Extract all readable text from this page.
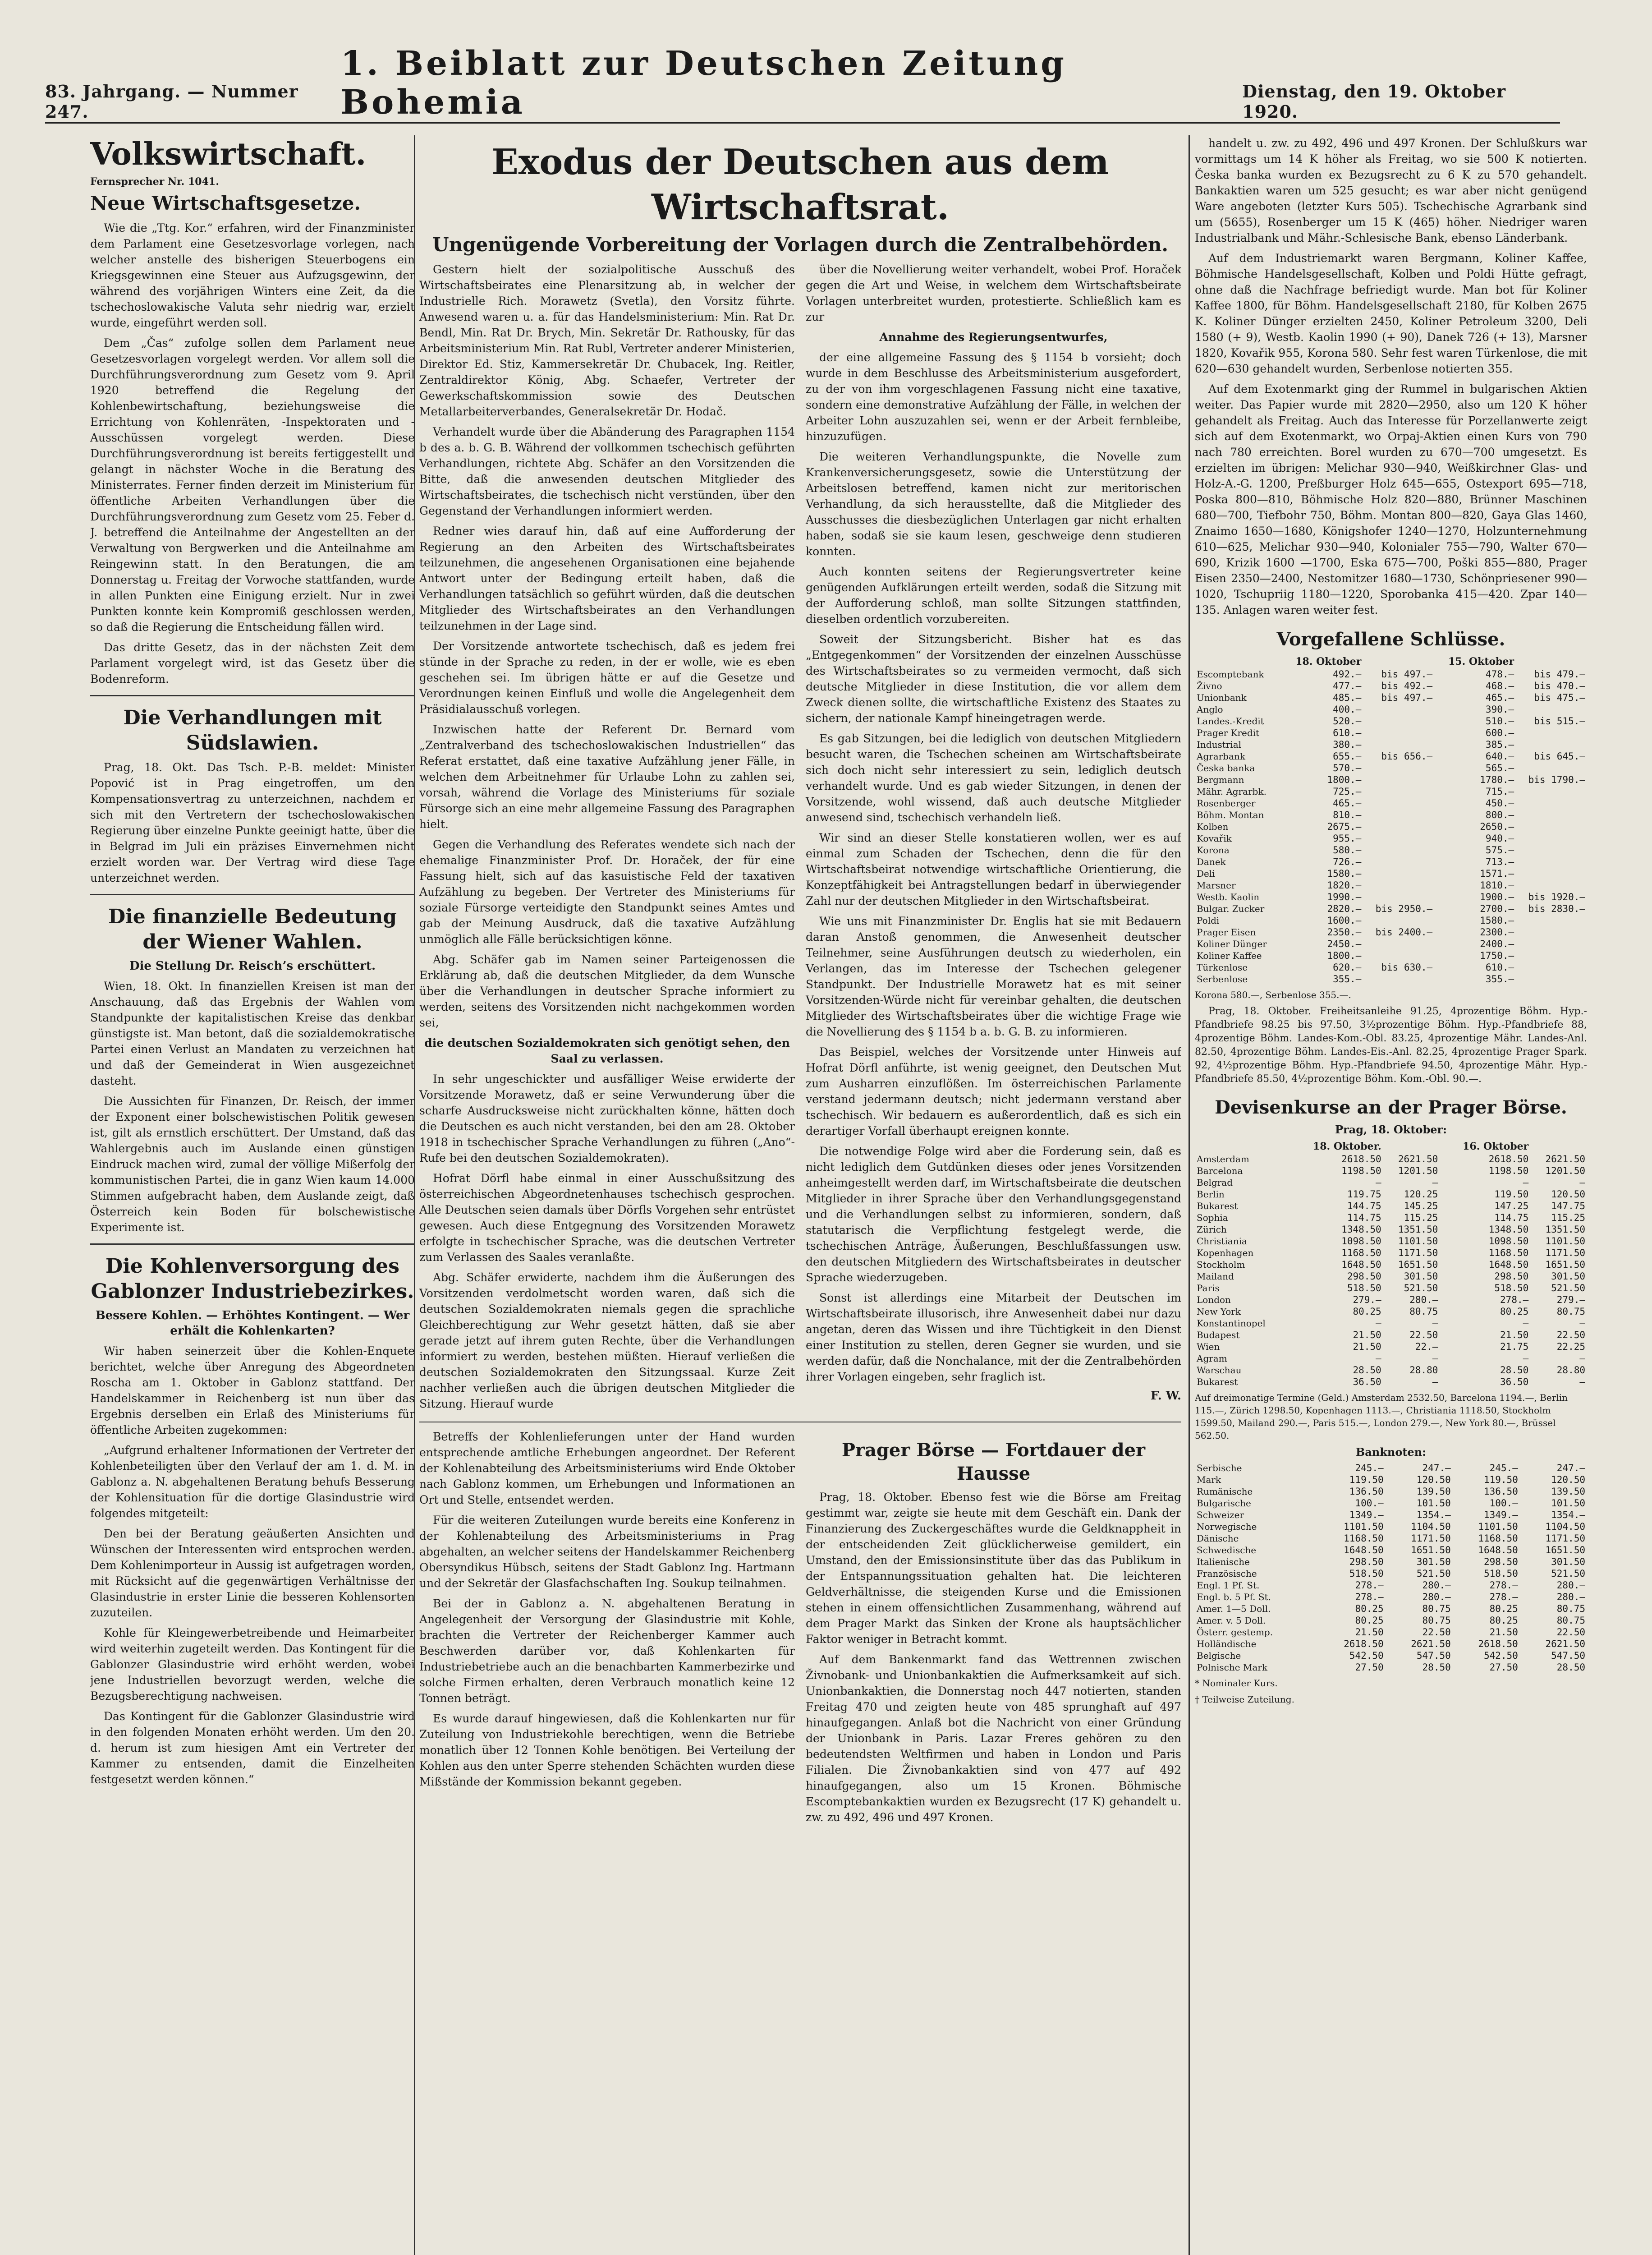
83. Jahrgang. — Nummer 247.
1. Beiblatt zur Deutschen Zeitung Bohemia	Dienstag, den 19. Oktober 1920.
Volkswirtschaft.
Fernsprecher Nr. 1041.
Neue Wirtschaftsgesetze.

Wie die „Ttg. Kor.“ erfahren, wird der Finanzminister dem Parlament eine Gesetzesvorlage vorlegen, nach welcher anstelle des bisherigen Steuerbogens ein Kriegsgewinnen eine Steuer aus Aufzugsgewinn, der während des vorjährigen Winters eine Zeit, da die tschechoslowakische Valuta sehr niedrig war, erzielt wurde, eingeführt werden soll.

Dem „Čas“ zufolge sollen dem Parlament neue Gesetzesvorlagen vorgelegt werden. Vor allem soll die Durchführungsverordnung zum Gesetz vom 9. April 1920 betreffend die Regelung der Kohlenbewirtschaftung, beziehungsweise die Errichtung von Kohlenräten, -Inspektoraten und -Ausschüssen vorgelegt werden. Diese Durchführungsverordnung ist bereits fertiggestellt und gelangt in nächster Woche in die Beratung des Ministerrates. Ferner finden derzeit im Ministerium für öffentliche Arbeiten Verhandlungen über die Durchführungsverordnung zum Gesetz vom 25. Feber d. J. betreffend die Anteilnahme der Angestellten an der Verwaltung von Bergwerken und die Anteilnahme am Reingewinn statt. In den Beratungen, die am Donnerstag u. Freitag der Vorwoche stattfanden, wurde in allen Punkten eine Einigung erzielt. Nur in zwei Punkten konnte kein Kompromiß geschlossen werden, so daß die Regierung die Entscheidung fällen wird.

Das dritte Gesetz, das in der nächsten Zeit dem Parlament vorgelegt wird, ist das Gesetz über die Bodenreform.

Die Verhandlungen mit Südslawien.

Prag, 18. Okt. Das Tsch. P.-B. meldet: Minister Popović ist in Prag eingetroffen, um den Kompensationsvertrag zu unterzeichnen, nachdem er sich mit den Vertretern der tschechoslowakischen Regierung über einzelne Punkte geeinigt hatte, über die in Belgrad im Juli ein präzises Einvernehmen nicht erzielt worden war. Der Vertrag wird diese Tage unterzeichnet werden.

Die finanzielle Bedeutung der Wiener Wahlen.
Die Stellung Dr. Reisch’s erschüttert.

Wien, 18. Okt. In finanziellen Kreisen ist man der Anschauung, daß das Ergebnis der Wahlen vom Standpunkte der kapitalistischen Kreise das denkbar günstigste ist. Man betont, daß die sozialdemokratische Partei einen Verlust an Mandaten zu verzeichnen hat und daß der Gemeinderat in Wien ausgezeichnet dasteht.

Die Aussichten für Finanzen, Dr. Reisch, der immer der Exponent einer bolschewistischen Politik gewesen ist, gilt als ernstlich erschüttert. Der Umstand, daß das Wahlergebnis auch im Auslande einen günstigen Eindruck machen wird, zumal der völlige Mißerfolg der kommunistischen Partei, die in ganz Wien kaum 14.000 Stimmen aufgebracht haben, dem Auslande zeigt, daß Österreich kein Boden für bolschewistische Experimente ist.

Die Kohlenversorgung des Gablonzer Industriebezirkes.
Bessere Kohlen. — Erhöhtes Kontingent. — Wer erhält die Kohlenkarten?

Wir haben seinerzeit über die Kohlen-Enquete berichtet, welche über Anregung des Abgeordneten Roscha am 1. Oktober in Gablonz stattfand. Der Handelskammer in Reichenberg ist nun über das Ergebnis derselben ein Erlaß des Ministeriums für öffentliche Arbeiten zugekommen:

„Aufgrund erhaltener Informationen der Vertreter der Kohlenbeteiligten über den Verlauf der am 1. d. M. in Gablonz a. N. abgehaltenen Beratung behufs Besserung der Kohlensituation für die dortige Glasindustrie wird folgendes mitgeteilt:

Den bei der Beratung geäußerten Ansichten und Wünschen der Interessenten wird entsprochen werden. Dem Kohlenimporteur in Aussig ist aufgetragen worden, mit Rücksicht auf die gegenwärtigen Verhältnisse der Glasindustrie in erster Linie die besseren Kohlensorten zuzuteilen.

Kohle für Kleingewerbetreibende und Heimarbeiter wird weiterhin zugeteilt werden. Das Kontingent für die Gablonzer Glasindustrie wird erhöht werden, wobei jene Industriellen bevorzugt werden, welche die Bezugsberechtigung nachweisen.

Das Kontingent für die Gablonzer Glasindustrie wird in den folgenden Monaten erhöht werden. Um den 20. d. herum ist zum hiesigen Amt ein Vertreter der Kammer zu entsenden, damit die Einzelheiten festgesetzt werden können.“

Exodus der Deutschen aus dem Wirtschaftsrat.
Ungenügende Vorbereitung der Vorlagen durch die Zentralbehörden.

Gestern hielt der sozialpolitische Ausschuß des Wirtschaftsbeirates eine Plenarsitzung ab, in welcher der Industrielle Rich. Morawetz (Svetla), den Vorsitz führte. Anwesend waren u. a. für das Handelsministerium: Min. Rat Dr. Bendl, Min. Rat Dr. Brych, Min. Sekretär Dr. Rathousky, für das Arbeitsministerium Min. Rat Rubl, Vertreter anderer Ministerien, Direktor Ed. Stiz, Kammersekretär Dr. Chubacek, Ing. Reitler, Zentraldirektor König, Abg. Schaefer, Vertreter der Gewerkschaftskommission sowie des Deutschen Metallarbeiterverbandes, Generalsekretär Dr. Hodač.

Verhandelt wurde über die Abänderung des Paragraphen 1154 b des a. b. G. B. Während der vollkommen tschechisch geführten Verhandlungen, richtete Abg. Schäfer an den Vorsitzenden die Bitte, daß die anwesenden deutschen Mitglieder des Wirtschaftsbeirates, die tschechisch nicht verstünden, über den Gegenstand der Verhandlungen informiert werden.

Redner wies darauf hin, daß auf eine Aufforderung der Regierung an den Arbeiten des Wirtschaftsbeirates teilzunehmen, die angesehenen Organisationen eine bejahende Antwort unter der Bedingung erteilt haben, daß die Verhandlungen tatsächlich so geführt würden, daß die deutschen Mitglieder des Wirtschaftsbeirates an den Verhandlungen teilzunehmen in der Lage sind.

Der Vorsitzende antwortete tschechisch, daß es jedem frei stünde in der Sprache zu reden, in der er wolle, wie es eben geschehen sei. Im übrigen hätte er auf die Gesetze und Verordnungen keinen Einfluß und wolle die Angelegenheit dem Präsidialausschuß vorlegen.

Inzwischen hatte der Referent Dr. Bernard vom „Zentralverband des tschechoslowakischen Industriellen“ das Referat erstattet, daß eine taxative Aufzählung jener Fälle, in welchen dem Arbeitnehmer für Urlaube Lohn zu zahlen sei, vorsah, während die Vorlage des Ministeriums für soziale Fürsorge sich an eine mehr allgemeine Fassung des Paragraphen hielt.

Gegen die Verhandlung des Referates wendete sich nach der ehemalige Finanzminister Prof. Dr. Horaček, der für eine Fassung hielt, sich auf das kasuistische Feld der taxativen Aufzählung zu begeben. Der Vertreter des Ministeriums für soziale Fürsorge verteidigte den Standpunkt seines Amtes und gab der Meinung Ausdruck, daß die taxative Aufzählung unmöglich alle Fälle berücksichtigen könne.

Abg. Schäfer gab im Namen seiner Parteigenossen die Erklärung ab, daß die deutschen Mitglieder, da dem Wunsche über die Verhandlungen in deutscher Sprache informiert zu werden, seitens des Vorsitzenden nicht nachgekommen worden sei,

die deutschen Sozialdemokraten sich genötigt sehen, den Saal zu verlassen.

In sehr ungeschickter und ausfälliger Weise erwiderte der Vorsitzende Morawetz, daß er seine Verwunderung über die scharfe Ausdrucksweise nicht zurückhalten könne, hätten doch die Deutschen es auch nicht verstanden, bei den am 28. Oktober 1918 in tschechischer Sprache Verhandlungen zu führen („Ano“-Rufe bei den deutschen Sozialdemokraten).

Hofrat Dörfl habe einmal in einer Ausschußsitzung des österreichischen Abgeordnetenhauses tschechisch gesprochen. Alle Deutschen seien damals über Dörfls Vorgehen sehr entrüstet gewesen. Auch diese Entgegnung des Vorsitzenden Morawetz erfolgte in tschechischer Sprache, was die deutschen Vertreter zum Verlassen des Saales veranlaßte.

Abg. Schäfer erwiderte, nachdem ihm die Äußerungen des Vorsitzenden verdolmetscht worden waren, daß sich die deutschen Sozialdemokraten niemals gegen die sprachliche Gleichberechtigung zur Wehr gesetzt hätten, daß sie aber gerade jetzt auf ihrem guten Rechte, über die Verhandlungen informiert zu werden, bestehen müßten. Hierauf verließen die deutschen Sozialdemokraten den Sitzungssaal. Kurze Zeit nachher verließen auch die übrigen deutschen Mitglieder die Sitzung. Hierauf wurde

über die Novellierung weiter verhandelt, wobei Prof. Horaček gegen die Art und Weise, in welchem dem Wirtschaftsbeirate Vorlagen unterbreitet wurden, protestierte. Schließlich kam es zur

Annahme des Regierungsentwurfes,

der eine allgemeine Fassung des § 1154 b vorsieht; doch wurde in dem Beschlusse des Arbeitsministerium ausgefordert, zu der von ihm vorgeschlagenen Fassung nicht eine taxative, sondern eine demonstrative Aufzählung der Fälle, in welchen der Arbeiter Lohn auszuzahlen sei, wenn er der Arbeit fernbleibe, hinzuzufügen.

Die weiteren Verhandlungspunkte, die Novelle zum Krankenversicherungsgesetz, sowie die Unterstützung der Arbeitslosen betreffend, kamen nicht zur meritorischen Verhandlung, da sich herausstellte, daß die Mitglieder des Ausschusses die diesbezüglichen Unterlagen gar nicht erhalten haben, sodaß sie sie kaum lesen, geschweige denn studieren konnten.

Auch konnten seitens der Regierungsvertreter keine genügenden Aufklärungen erteilt werden, sodaß die Sitzung mit der Aufforderung schloß, man sollte Sitzungen stattfinden, dieselben ordentlich vorzubereiten.

Soweit der Sitzungsbericht. Bisher hat es das „Entgegenkommen“ der Vorsitzenden der einzelnen Ausschüsse des Wirtschaftsbeirates so zu vermeiden vermocht, daß sich deutsche Mitglieder in diese Institution, die vor allem dem Zweck dienen sollte, die wirtschaftliche Existenz des Staates zu sichern, der nationale Kampf hineingetragen werde.

Es gab Sitzungen, bei die lediglich von deutschen Mitgliedern besucht waren, die Tschechen scheinen am Wirtschaftsbeirate sich doch nicht sehr interessiert zu sein, lediglich deutsch verhandelt wurde. Und es gab wieder Sitzungen, in denen der Vorsitzende, wohl wissend, daß auch deutsche Mitglieder anwesend sind, tschechisch verhandeln ließ.

Wir sind an dieser Stelle konstatieren wollen, wer es auf einmal zum Schaden der Tschechen, denn die für den Wirtschaftsbeirat notwendige wirtschaftliche Orientierung, die Konzeptfähigkeit bei Antragstellungen bedarf in überwiegender Zahl nur der deutschen Mitglieder in den Wirtschaftsbeirat.

Wie uns mit Finanzminister Dr. Englis hat sie mit Bedauern daran Anstoß genommen, die Anwesenheit deutscher Teilnehmer, seine Ausführungen deutsch zu wiederholen, ein Verlangen, das im Interesse der Tschechen gelegener Standpunkt. Der Industrielle Morawetz hat es mit seiner Vorsitzenden-Würde nicht für vereinbar gehalten, die deutschen Mitglieder des Wirtschaftsbeirates über die wichtige Frage wie die Novellierung des § 1154 b a. b. G. B. zu informieren.

Das Beispiel, welches der Vorsitzende unter Hinweis auf Hofrat Dörfl anführte, ist wenig geeignet, den Deutschen Mut zum Ausharren einzuflößen. Im österreichischen Parlamente verstand jedermann deutsch; nicht jedermann verstand aber tschechisch. Wir bedauern es außerordentlich, daß es sich ein derartiger Vorfall überhaupt ereignen konnte.

Die notwendige Folge wird aber die Forderung sein, daß es nicht lediglich dem Gutdünken dieses oder jenes Vorsitzenden anheimgestellt werden darf, im Wirtschaftsbeirate die deutschen Mitglieder in ihrer Sprache über den Verhandlungsgegenstand und die Verhandlungen selbst zu informieren, sondern, daß statutarisch die Verpflichtung festgelegt werde, die tschechischen Anträge, Äußerungen, Beschlußfassungen usw. den deutschen Mitgliedern des Wirtschaftsbeirates in deutscher Sprache wiederzugeben.

Sonst ist allerdings eine Mitarbeit der Deutschen im Wirtschaftsbeirate illusorisch, ihre Anwesenheit dabei nur dazu angetan, deren das Wissen und ihre Tüchtigkeit in den Dienst einer Institution zu stellen, deren Gegner sie wurden, und sie werden dafür, daß die Nonchalance, mit der die Zentralbehörden ihrer Vorlagen eingeben, sehr fraglich ist.

F. W.

Betreffs der Kohlenlieferungen unter der Hand wurden entsprechende amtliche Erhebungen angeordnet. Der Referent der Kohlenabteilung des Arbeitsministeriums wird Ende Oktober nach Gablonz kommen, um Erhebungen und Informationen an Ort und Stelle, entsendet werden.

Für die weiteren Zuteilungen wurde bereits eine Konferenz in der Kohlenabteilung des Arbeitsministeriums in Prag abgehalten, an welcher seitens der Handelskammer Reichenberg Obersyndikus Hübsch, seitens der Stadt Gablonz Ing. Hartmann und der Sekretär der Glasfachschaften Ing. Soukup teilnahmen.

Bei der in Gablonz a. N. abgehaltenen Beratung in Angelegenheit der Versorgung der Glasindustrie mit Kohle, brachten die Vertreter der Reichenberger Kammer auch Beschwerden darüber vor, daß Kohlenkarten für Industriebetriebe auch an die benachbarten Kammerbezirke und solche Firmen erhalten, deren Verbrauch monatlich keine 12 Tonnen beträgt.

Es wurde darauf hingewiesen, daß die Kohlenkarten nur für Zuteilung von Industriekohle berechtigen, wenn die Betriebe monatlich über 12 Tonnen Kohle benötigen. Bei Verteilung der Kohlen aus den unter Sperre stehenden Schächten wurden diese Mißstände der Kommission bekannt gegeben.

Prager Börse — Fortdauer der Hausse

Prag, 18. Oktober. Ebenso fest wie die Börse am Freitag gestimmt war, zeigte sie heute mit dem Geschäft ein. Dank der Finanzierung des Zuckergeschäftes wurde die Geldknappheit in der entscheidenden Zeit glücklicherweise gemildert, ein Umstand, den der Emissionsinstitute über das das Publikum in der Entspannungssituation gehalten hat. Die leichteren Geldverhältnisse, die steigenden Kurse und die Emissionen stehen in einem offensichtlichen Zusammenhang, während auf dem Prager Markt das Sinken der Krone als hauptsächlicher Faktor weniger in Betracht kommt.

Auf dem Bankenmarkt fand das Wettrennen zwischen Živnobank- und Unionbankaktien die Aufmerksamkeit auf sich. Unionbankaktien, die Donnerstag noch 447 notierten, standen Freitag 470 und zeigten heute von 485 sprunghaft auf 497 hinaufgegangen. Anlaß bot die Nachricht von einer Gründung der Unionbank in Paris. Lazar Freres gehören zu den bedeutendsten Weltfirmen und haben in London und Paris Filialen. Die Živnobankaktien sind von 477 auf 492 hinaufgegangen, also um 15 Kronen. Böhmische Escomptebankaktien wurden ex Bezugsrecht (17 K) gehandelt u. zw. zu 492, 496 und 497 Kronen.

handelt u. zw. zu 492, 496 und 497 Kronen. Der Schlußkurs war vormittags um 14 K höher als Freitag, wo sie 500 K notierten. Česka banka wurden ex Bezugsrecht zu 6 K zu 570 gehandelt. Bankaktien waren um 525 gesucht; es war aber nicht genügend Ware angeboten (letzter Kurs 505). Tschechische Agrarbank sind um (5655), Rosenberger um 15 K (465) höher. Niedriger waren Industrialbank und Mähr.-Schlesische Bank, ebenso Länderbank.

Auf dem Industriemarkt waren Bergmann, Koliner Kaffee, Böhmische Handelsgesellschaft, Kolben und Poldi Hütte gefragt, ohne daß die Nachfrage befriedigt wurde. Man bot für Koliner Kaffee 1800, für Böhm. Handelsgesellschaft 2180, für Kolben 2675 K. Koliner Dünger erzielten 2450, Koliner Petroleum 3200, Deli 1580 (+ 9), Westb. Kaolin 1990 (+ 90), Danek 726 (+ 13), Marsner 1820, Kovařik 955, Korona 580. Sehr fest waren Türkenlose, die mit 620—630 gehandelt wurden, Serbenlose notierten 355.

Auf dem Exotenmarkt ging der Rummel in bulgarischen Aktien weiter. Das Papier wurde mit 2820—2950, also um 120 K höher gehandelt als Freitag. Auch das Interesse für Porzellanwerte zeigt sich auf dem Exotenmarkt, wo Orpaj-Aktien einen Kurs von 790 nach 780 erreichten. Borel wurden zu 670—700 umgesetzt. Es erzielten im übrigen: Melichar 930—940, Weißkirchner Glas- und Holz-A.-G. 1200, Preßburger Holz 645—655, Ostexport 695—718, Poska 800—810, Böhmische Holz 820—880, Brünner Maschinen 680—700, Tiefbohr 750, Böhm. Montan 800—820, Gaya Glas 1460, Znaimo 1650—1680, Königshofer 1240—1270, Holzunternehmung 610—625, Melichar 930—940, Kolonialer 755—790, Walter 670—690, Krizik 1600 —1700, Eska 675—700, Poški 855—880, Prager Eisen 2350—2400, Nestomitzer 1680—1730, Schönpriesener 990—1020, Tschupriig 1180—1220, Sporobanka 415—420. Zpar 140—135. Anlagen waren weiter fest.

Vorgefallene Schlüsse.
	18. Oktober		15. Oktober	
Escomptebank	492.—	bis 497.—	478.—	bis 479.—
Živno	477.—	bis 492.—	468.—	bis 470.—
Unionbank	485.—	bis 497.—	465.—	bis 475.—
Anglo	400.—		390.—	
Landes.-Kredit	520.—		510.—	bis 515.—
Prager Kredit	610.—		600.—	
Industrial	380.—		385.—	
Agrarbank	655.—	bis 656.—	640.—	bis 645.—
Česka banka	570.—		565.—	
Bergmann	1800.—		1780.—	bis 1790.—
Mähr. Agrarbk.	725.—		715.—	
Rosenberger	465.—		450.—	
Böhm. Montan	810.—		800.—	
Kolben	2675.—		2650.—	
Kovařik	955.—		940.—	
Korona	580.—		575.—	
Danek	726.—		713.—	
Deli	1580.—		1571.—	
Marsner	1820.—		1810.—	
Westb. Kaolin	1990.—		1900.—	bis 1920.—
Bulgar. Zucker	2820.—	bis 2950.—	2700.—	bis 2830.—
Poldi	1600.—		1580.—	
Prager Eisen	2350.—	bis 2400.—	2300.—	
Koliner Dünger	2450.—		2400.—	
Koliner Kaffee	1800.—		1750.—	
Türkenlose	620.—	bis 630.—	610.—	
Serbenlose	355.—		355.—	
Korona 580.—, Serbenlose 355.—.

Prag, 18. Oktober. Freiheitsanleihe 91.25, 4prozentige Böhm. Hyp.-Pfandbriefe 98.25 bis 97.50, 3½prozentige Böhm. Hyp.-Pfandbriefe 88, 4prozentige Böhm. Landes-Kom.-Obl. 83.25, 4prozentige Mähr. Landes-Anl. 82.50, 4prozentige Böhm. Landes-Eis.-Anl. 82.25, 4prozentige Prager Spark. 92, 4½prozentige Böhm. Hyp.-Pfandbriefe 94.50, 4prozentige Mähr. Hyp.-Pfandbriefe 85.50, 4½prozentige Böhm. Kom.-Obl. 90.—.

Devisenkurse an der Prager Börse.
Prag, 18. Oktober:
	18. Oktober.		16. Oktober	
Amsterdam	2618.50	2621.50	2618.50	2621.50
Barcelona	1198.50	1201.50	1198.50	1201.50
Belgrad	—	—	—	—
Berlin	119.75	120.25	119.50	120.50
Bukarest	144.75	145.25	147.25	147.75
Sophia	114.75	115.25	114.75	115.25
Zürich	1348.50	1351.50	1348.50	1351.50
Christiania	1098.50	1101.50	1098.50	1101.50
Kopenhagen	1168.50	1171.50	1168.50	1171.50
Stockholm	1648.50	1651.50	1648.50	1651.50
Mailand	298.50	301.50	298.50	301.50
Paris	518.50	521.50	518.50	521.50
London	279.—	280.—	278.—	279.—
New York	80.25	80.75	80.25	80.75
Konstantinopel	—	—	—	—
Budapest	21.50	22.50	21.50	22.50
Wien	21.50	22.—	21.75	22.25
Agram	—	—	—	—
Warschau	28.50	28.80	28.50	28.80
Bukarest	36.50	—	36.50	—
Auf dreimonatige Termine (Geld.) Amsterdam 2532.50, Barcelona 1194.—, Berlin 115.—, Zürich 1298.50, Kopenhagen 1113.—, Christiania 1118.50, Stockholm 1599.50, Mailand 290.—, Paris 515.—, London 279.—, New York 80.—, Brüssel 562.50.
Banknoten:
Serbische	245.—	247.—	245.—	247.—
Mark	119.50	120.50	119.50	120.50
Rumänische	136.50	139.50	136.50	139.50
Bulgarische	100.—	101.50	100.—	101.50
Schweizer	1349.—	1354.—	1349.—	1354.—
Norwegische	1101.50	1104.50	1101.50	1104.50
Dänische	1168.50	1171.50	1168.50	1171.50
Schwedische	1648.50	1651.50	1648.50	1651.50
Italienische	298.50	301.50	298.50	301.50
Französische	518.50	521.50	518.50	521.50
Engl. 1 Pf. St.	278.—	280.—	278.—	280.—
Engl. b. 5 Pf. St.	278.—	280.—	278.—	280.—
Amer. 1—5 Doll.	80.25	80.75	80.25	80.75
Amer. v. 5 Doll.	80.25	80.75	80.25	80.75
Österr. gestemp.	21.50	22.50	21.50	22.50
Holländische	2618.50	2621.50	2618.50	2621.50
Belgische	542.50	547.50	542.50	547.50
Polnische Mark	27.50	28.50	27.50	28.50
* Nominaler Kurs.
† Teilweise Zuteilung.
